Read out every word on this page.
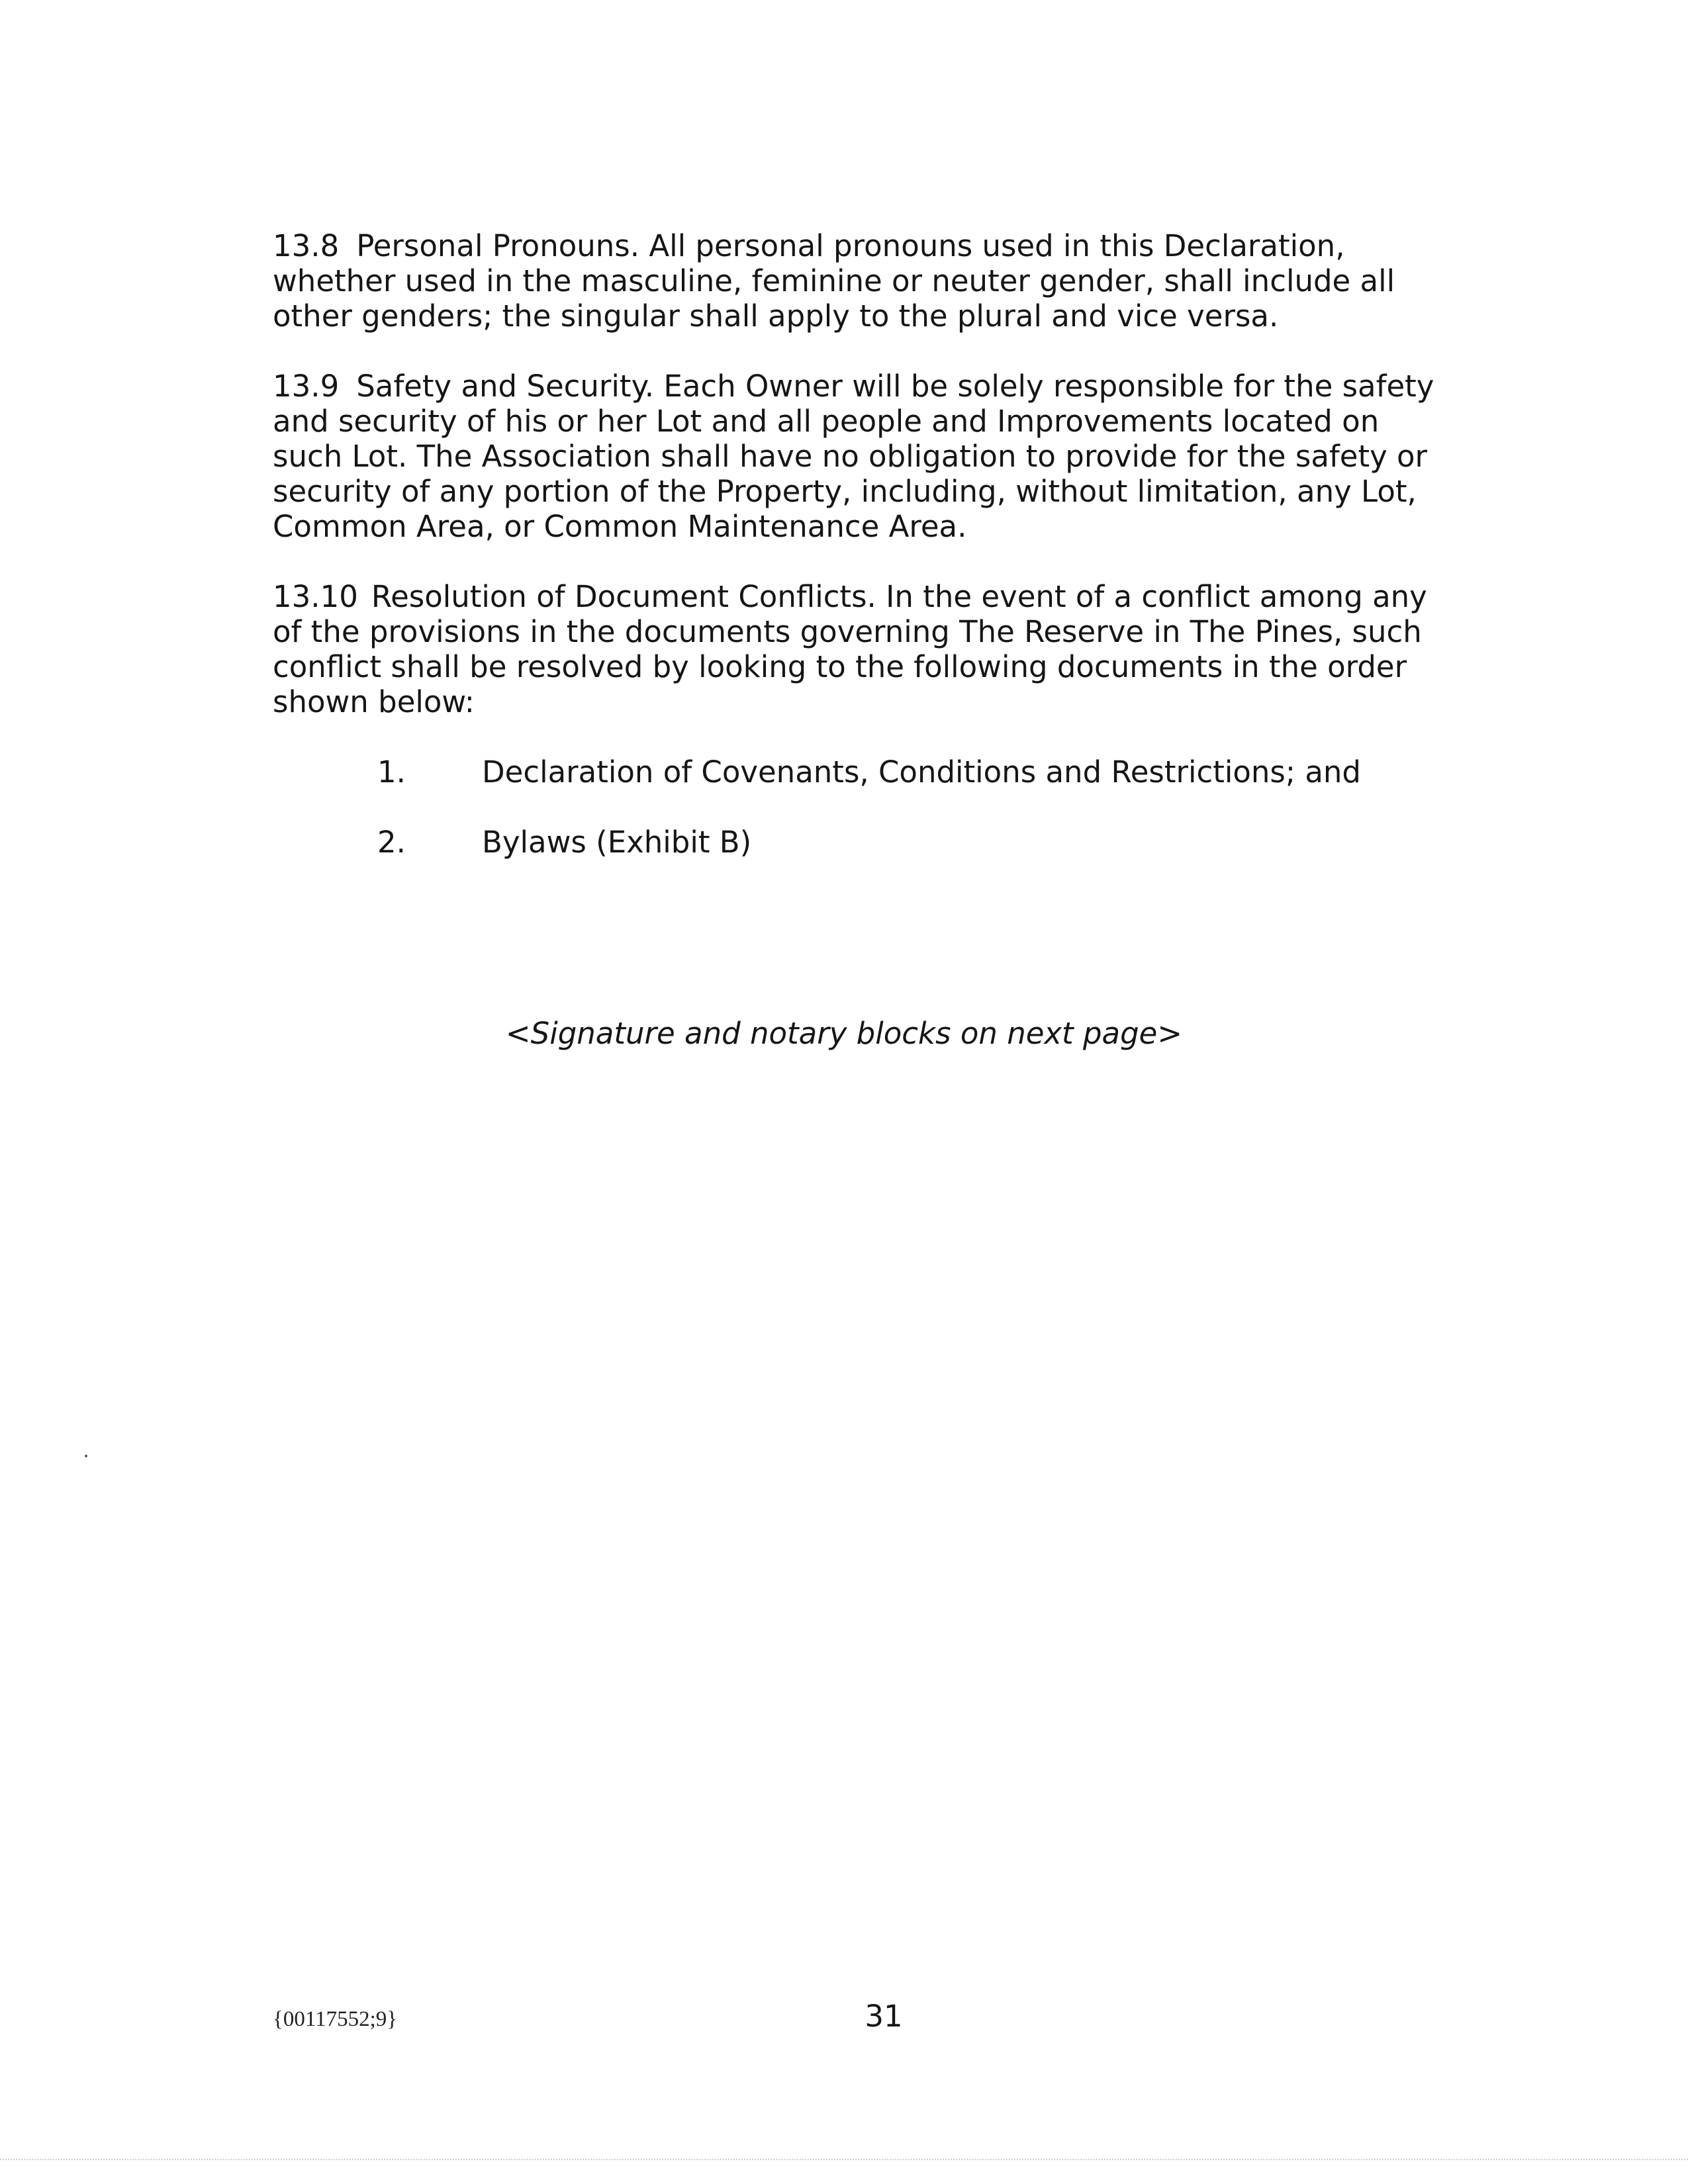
13.8 Personal Pronouns. All personal pronouns used in this Declaration, whether used in the masculine, feminine or neuter gender, shall include all other genders; the singular shall apply to the plural and vice versa.

13.9 Safety and Security. Each Owner will be solely responsible for the safety and security of his or her Lot and all people and Improvements located on such Lot. The Association shall have no obligation to provide for the safety or security of any portion of the Property, including, without limitation, any Lot, Common Area, or Common Maintenance Area.

13.10 Resolution of Document Conflicts. In the event of a conflict among any of the provisions in the documents governing The Reserve in The Pines, such conflict shall be resolved by looking to the following documents in the order shown below:

1.	Declaration of Covenants, Conditions and Restrictions; and
2.	Bylaws (Exhibit B)
<Signature and notary blocks on next page>
{00117552;9}	31
